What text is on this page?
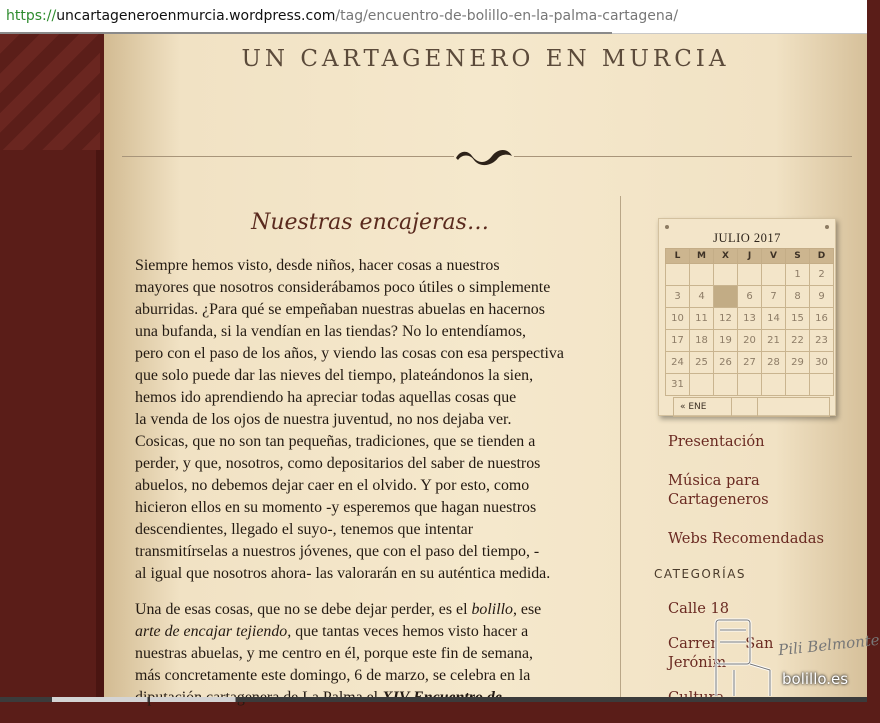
https://uncartageneroenmurcia.wordpress.com/tag/encuentro-de-bolillo-en-la-palma-cartagena/
UN CARTAGENERO EN MURCIA
Nuestras encajeras…

Siempre hemos visto, desde niños, hacer cosas a nuestros
mayores que nosotros considerábamos poco útiles o simplemente
aburridas. ¿Para qué se empeñaban nuestras abuelas en hacernos
una bufanda, si la vendían en las tiendas? No lo entendíamos,
pero con el paso de los años, y viendo las cosas con esa perspectiva
que solo puede dar las nieves del tiempo, plateándonos la sien,
hemos ido aprendiendo ha apreciar todas aquellas cosas que
la venda de los ojos de nuestra juventud, no nos dejaba ver.
Cosicas, que no son tan pequeñas, tradiciones, que se tienden a
perder, y que, nosotros, como depositarios del saber de nuestros
abuelos, no debemos dejar caer en el olvido. Y por esto, como
hicieron ellos en su momento -y esperemos que hagan nuestros
descendientes, llegado el suyo-, tenemos que intentar
transmitírselas a nuestros jóvenes, que con el paso del tiempo, -
al igual que nosotros ahora- las valorarán en su auténtica medida.

Una de esas cosas, que no se debe dejar perder, es el bolillo, ese
arte de encajar tejiendo, que tantas veces hemos visto hacer a
nuestras abuelas, y me centro en él, porque este fin de semana,
más concretamente este domingo, 6 de marzo, se celebra en la

JULIO 2017
L	M	X	J	V	S	D
					1	2
3	4		6	7	8	9
10	11	12	13	14	15	16
17	18	19	20	21	22	23
24	25	26	27	28	29	30
31						
« ENE		
Presentación
Música para
Cartageneros
Webs Recomendadas
CATEGORÍAS
Calle 18
Carrer San
Jerónim
Pili Belmonte
bolillo.es
